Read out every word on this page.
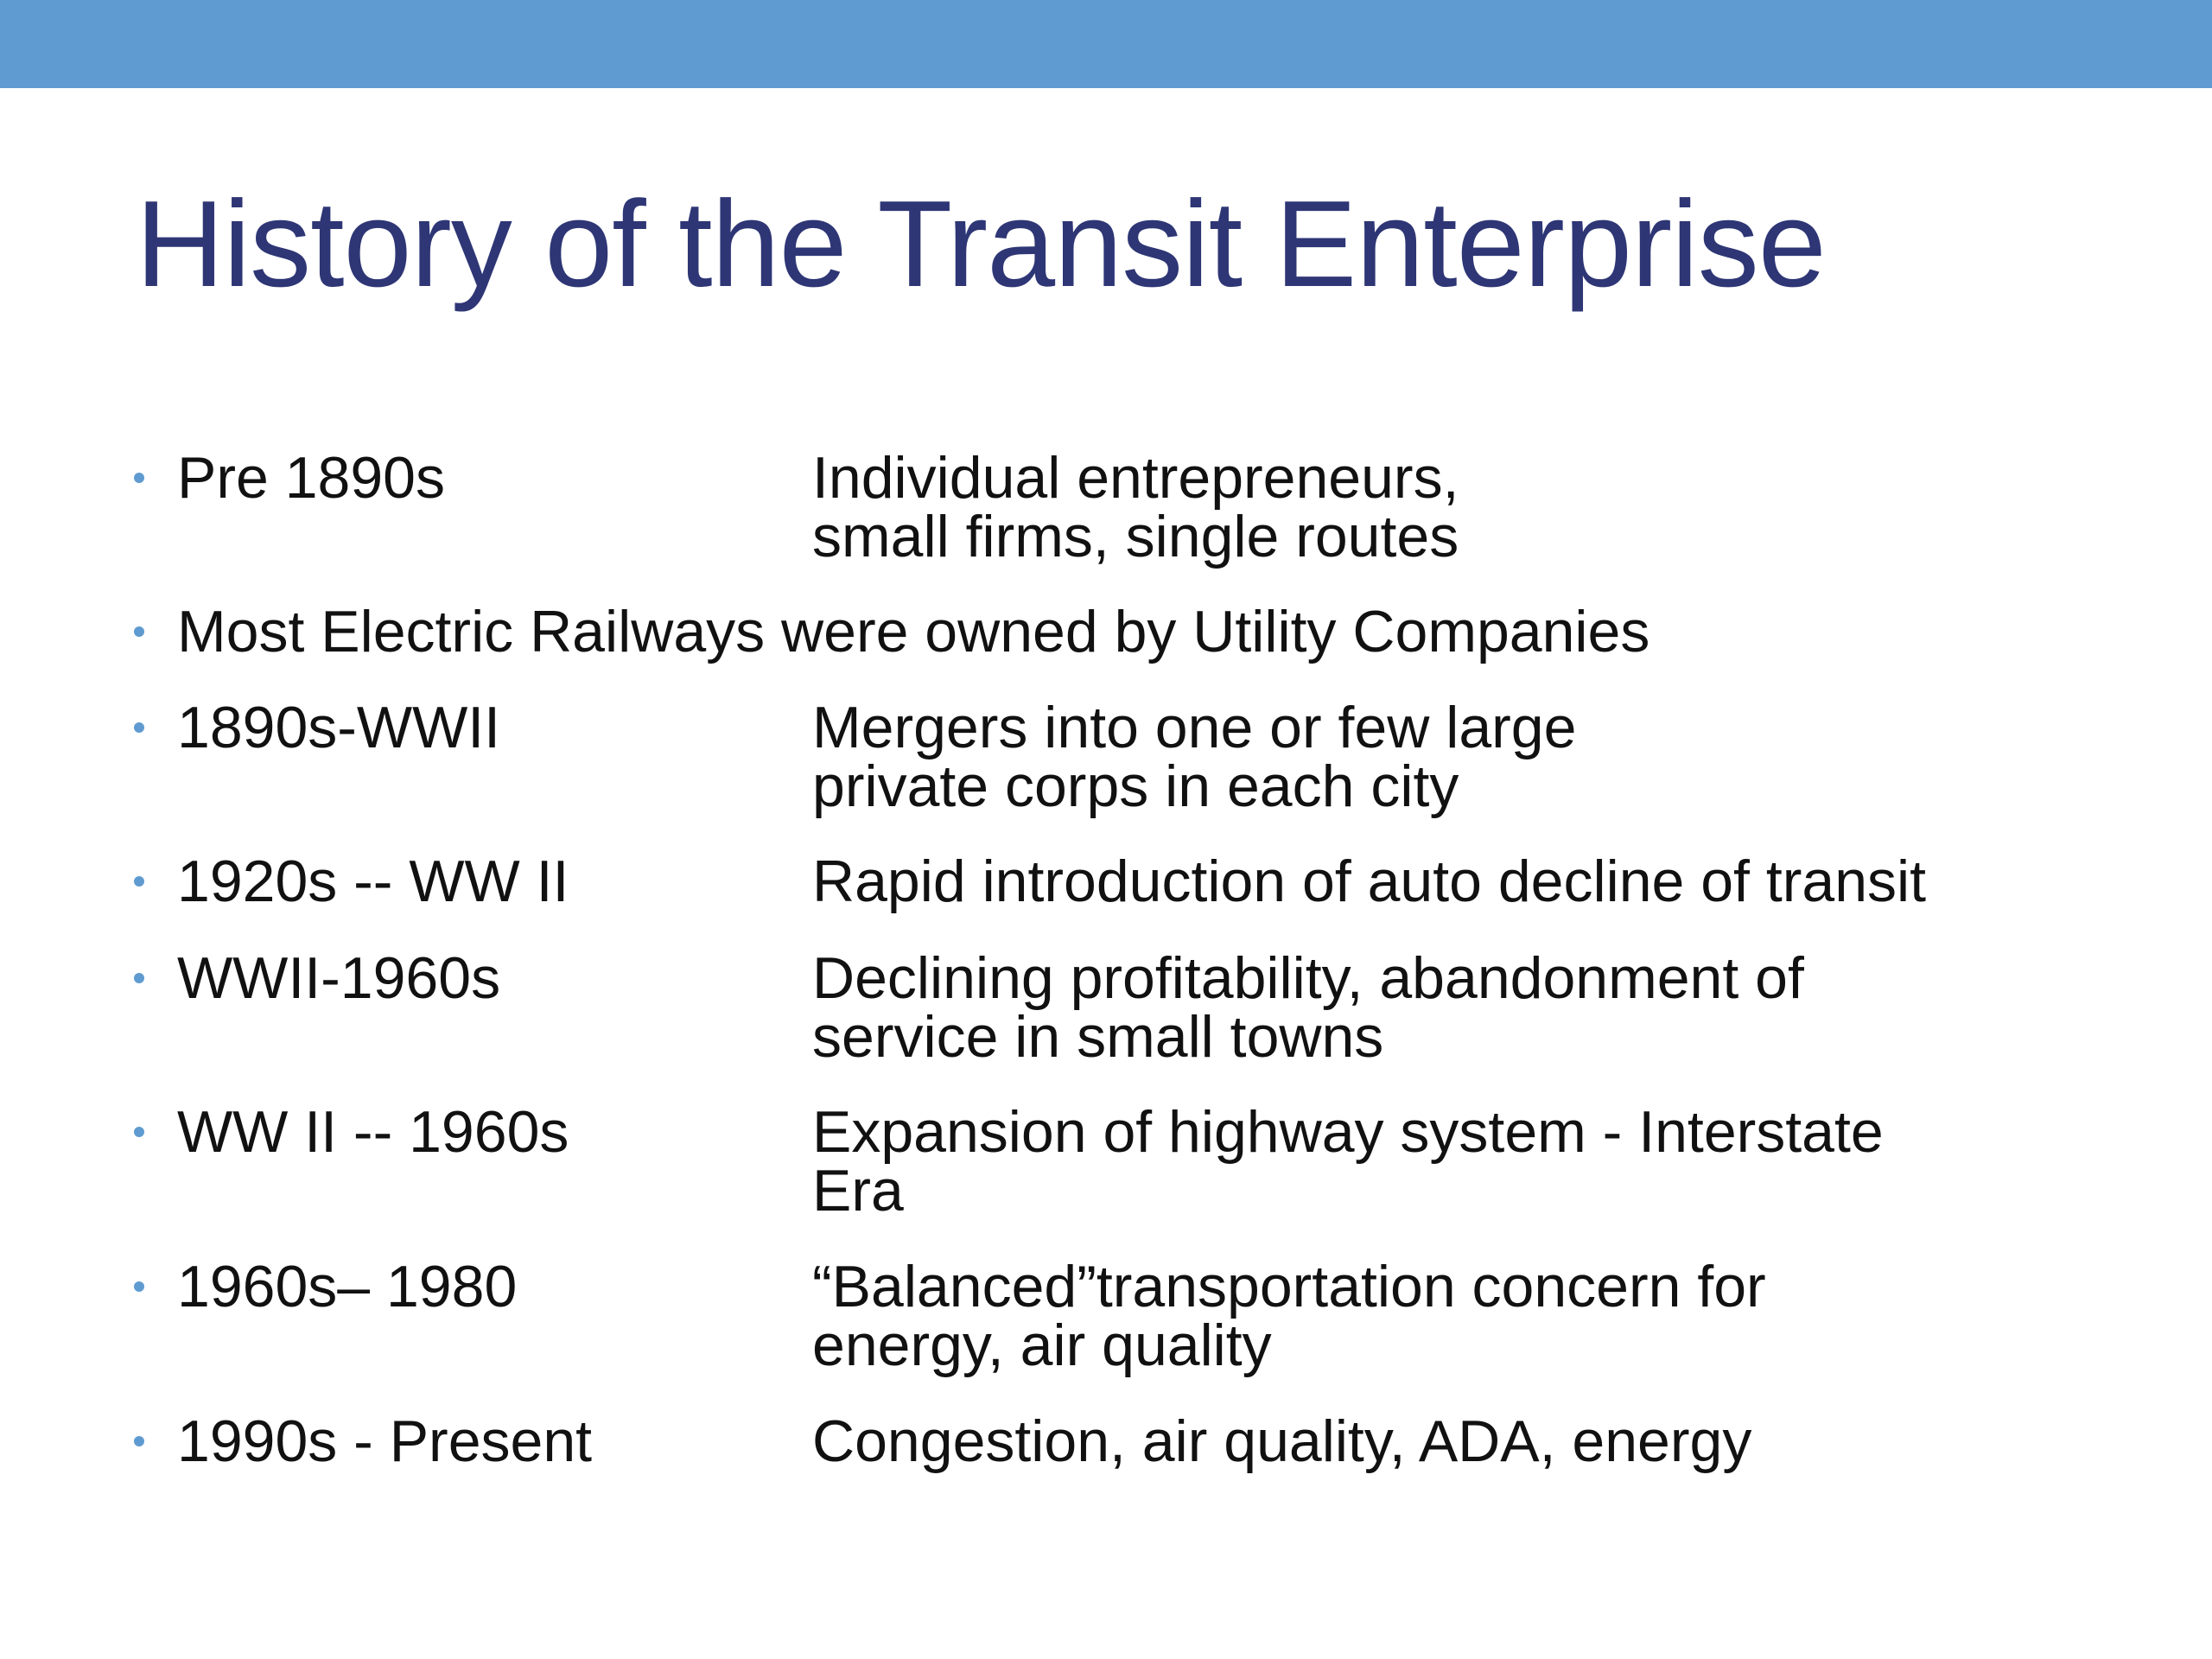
History of the Transit Enterprise
Pre 1890s	Individual entrepreneurs,
small firms, single routes
Most Electric Railways were owned by Utility Companies
1890s-WWII	Mergers into one or few large
private corps in each city
1920s -- WW II	Rapid introduction of auto decline of transit
WWII-1960s	Declining profitability, abandonment of
service in small towns
WW II -- 1960s	Expansion of highway system - Interstate
Era
1960s– 1980	“Balanced”transportation concern for
energy, air quality
1990s - Present	Congestion, air quality, ADA, energy
